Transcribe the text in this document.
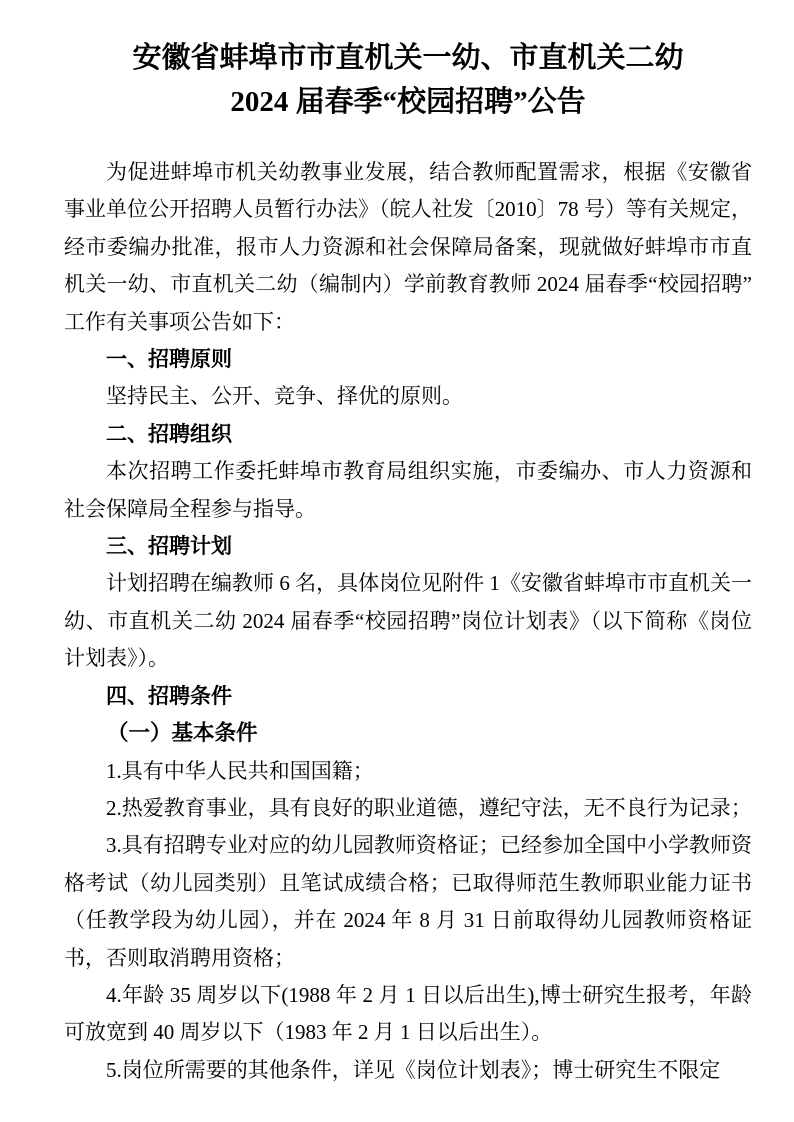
安徽省蚌埠市市直机关一幼、市直机关二幼
2024 届春季“校园招聘”公告

为促进蚌埠市机关幼教事业发展，结合教师配置需求，根据《安徽省事业单位公开招聘人员暂行办法》（皖人社发〔2010〕78 号）等有关规定，经市委编办批准，报市人力资源和社会保障局备案，现就做好蚌埠市市直机关一幼、市直机关二幼（编制内）学前教育教师 2024 届春季“校园招聘”工作有关事项公告如下：

一、招聘原则

坚持民主、公开、竞争、择优的原则。

二、招聘组织

本次招聘工作委托蚌埠市教育局组织实施，市委编办、市人力资源和社会保障局全程参与指导。

三、招聘计划

计划招聘在编教师 6 名，具体岗位见附件 1《安徽省蚌埠市市直机关一幼、市直机关二幼 2024 届春季“校园招聘”岗位计划表》（以下简称《岗位计划表》）。

四、招聘条件

（一）基本条件

1.具有中华人民共和国国籍；

2.热爱教育事业，具有良好的职业道德，遵纪守法，无不良行为记录；

3.具有招聘专业对应的幼儿园教师资格证；已经参加全国中小学教师资格考试（幼儿园类别）且笔试成绩合格；已取得师范生教师职业能力证书（任教学段为幼儿园），并在 2024 年 8 月 31 日前取得幼儿园教师资格证书，否则取消聘用资格；

4.年龄 35 周岁以下(1988 年 2 月 1 日以后出生),博士研究生报考，年龄可放宽到 40 周岁以下（1983 年 2 月 1 日以后出生）。

5.岗位所需要的其他条件，详见《岗位计划表》；博士研究生不限定
